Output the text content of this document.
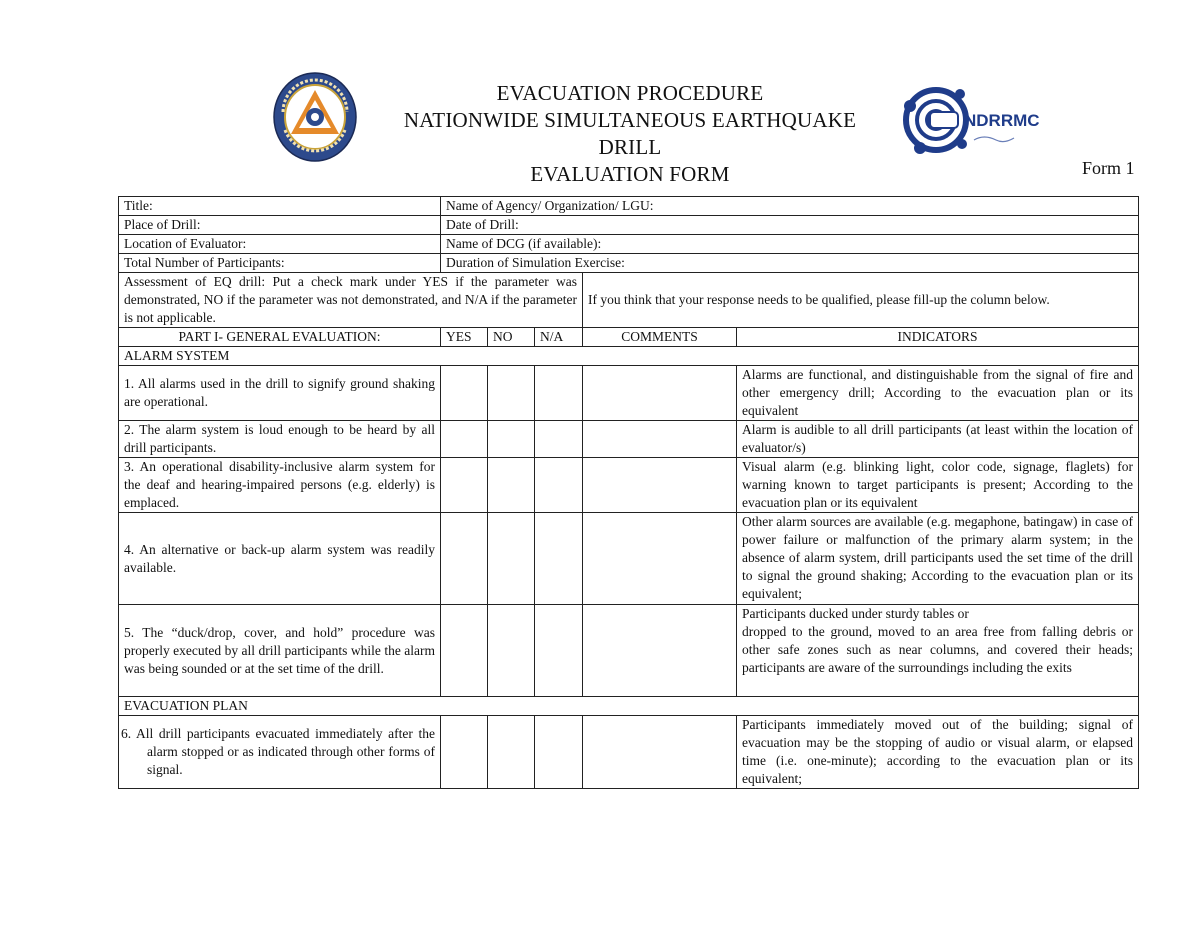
EVACUATION PROCEDURE
NATIONWIDE SIMULTANEOUS EARTHQUAKE DRILL
EVALUATION FORM
NDRRMC
Form 1
Title:	Name of Agency/ Organization/ LGU:				
Place of Drill:	Date of Drill:				
Location of Evaluator:	Name of DCG (if available):				
Total Number of Participants:	Duration of Simulation Exercise:				
Assessment of EQ drill: Put a check mark under YES if the parameter was demonstrated, NO if the parameter was not demonstrated, and N/A if the parameter is not applicable.				If you think that your response needs to be qualified, please fill-up the column below.	
PART I- GENERAL EVALUATION:	YES	NO	N/A	COMMENTS	INDICATORS
ALARM SYSTEM					
1. All alarms used in the drill to signify ground shaking are operational.					Alarms are functional, and distinguishable from the signal of fire and other emergency drill; According to the evacuation plan or its equivalent
2. The alarm system is loud enough to be heard by all drill participants.					Alarm is audible to all drill participants (at least within the location of evaluator/s)
3. An operational disability-inclusive alarm system for the deaf and hearing-impaired persons (e.g. elderly) is emplaced.					Visual alarm (e.g. blinking light, color code, signage, flaglets) for warning known to target participants is present; According to the evacuation plan or its equivalent
4. An alternative or back-up alarm system was readily available.					Other alarm sources are available (e.g. megaphone, batingaw) in case of power failure or malfunction of the primary alarm system; in the absence of alarm system, drill participants used the set time of the drill to signal the ground shaking; According to the evacuation plan or its equivalent;
5. The “duck/drop, cover, and hold” procedure was properly executed by all drill participants while the alarm was being sounded or at the set time of the drill.					Participants ducked under sturdy tables or
dropped to the ground, moved to an area free from falling debris or other safe zones such as near columns, and covered their heads; participants are aware of the surroundings including the exits

EVACUATION PLAN					
6. All drill participants evacuated immediately after the alarm stopped or as indicated through other forms of signal.					Participants immediately moved out of the building; signal of evacuation may be the stopping of audio or visual alarm, or elapsed time (i.e. one-minute); according to the evacuation plan or its equivalent;
